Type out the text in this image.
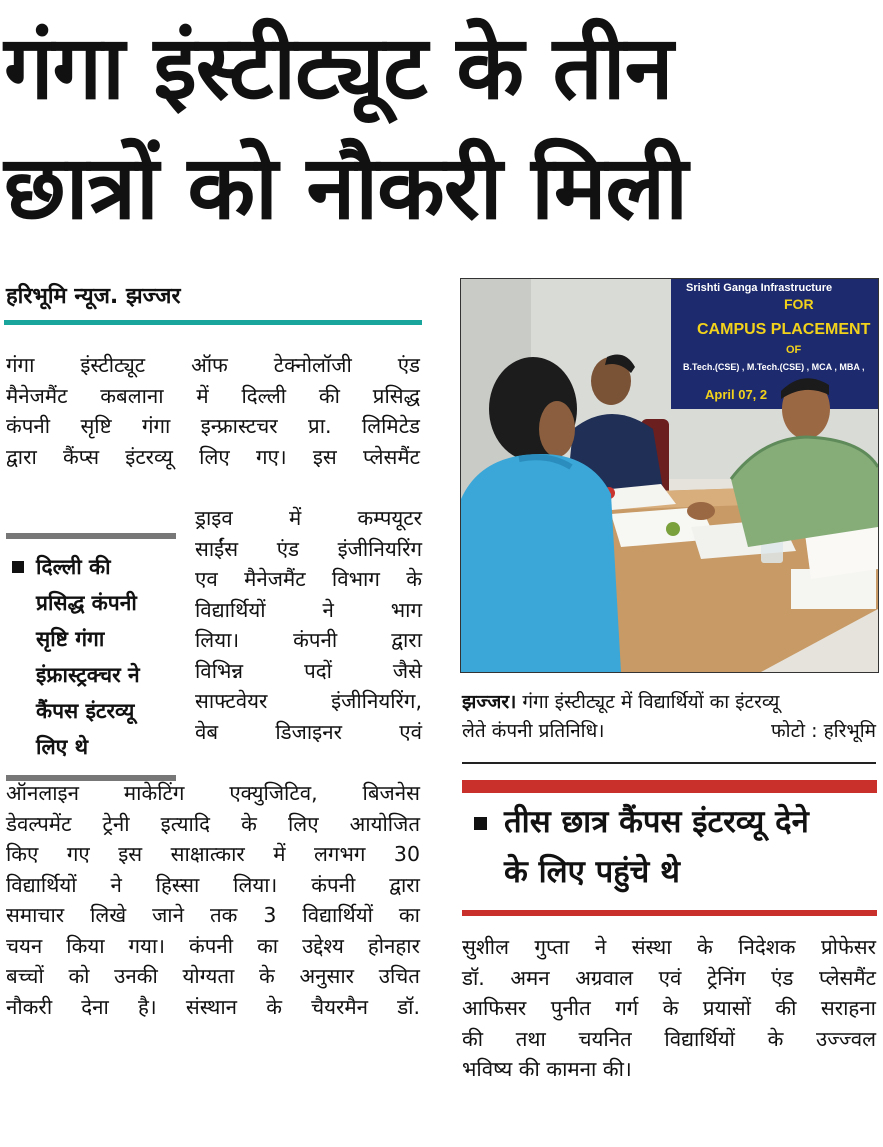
गंगा इंस्टीट्यूट के तीन
छात्रों को नौकरी मिली
हरिभूमि न्यूज. झज्जर
गंगा इंस्टीट्यूट ऑफ टेक्नोलॉजी एंड
मैनेजमैंट कबलाना में दिल्ली की प्रसिद्ध
कंपनी सृष्टि गंगा इन्फ्रास्टचर प्रा. लिमिटेड
द्वारा कैंप्स इंटरव्यू लिए गए। इस प्लेसमैंट
दिल्ली की
प्रसिद्ध कंपनी
सृष्टि गंगा
इंफ्रास्ट्रक्चर ने
कैंपस इंटरव्यू
लिए थे
ड्राइव में कम्पयूटर
साईंस एंड इंजीनियरिंग
एव मैनेजमैंट विभाग के
विद्यार्थियों ने भाग
लिया। कंपनी द्वारा
विभिन्न पदों जैसे
साफ्टवेयर इंजीनियरिंग,
वेब डिजाइनर एवं
ऑनलाइन माकेटिंग एक्युजिटिव, बिजनेस
डेवल्पमेंट ट्रेनी इत्यादि के लिए आयोजित
किए गए इस साक्षात्कार में लगभग 30
विद्यार्थियों ने हिस्सा लिया। कंपनी द्वारा
समाचार लिखे जाने तक 3 विद्यार्थियों का
चयन किया गया। कंपनी का उद्देश्य होनहार
बच्चों को उनकी योग्यता के अनुसार उचित
नौकरी देना है। संस्थान के चैयरमैन डॉ.
Srishti Ganga Infrastructure
FOR
CAMPUS PLACEMENT
OF
B.Tech.(CSE) , M.Tech.(CSE) , MCA , MBA ,
April 07, 2
झज्जर। गंगा इंस्टीट्यूट में विद्यार्थियों का इंटरव्यू
लेते कंपनी प्रतिनिधि।	फोटो : हरिभूमि
तीस छात्र कैंपस इंटरव्यू देने
के लिए पहुंचे थे
सुशील गुप्ता ने संस्था के निदेशक प्रोफेसर
डॉ. अमन अग्रवाल एवं ट्रेनिंग एंड प्लेसमैंट
आफिसर पुनीत गर्ग के प्रयासों की सराहना
की तथा चयनित विद्यार्थियों के उज्ज्वल
भविष्य की कामना की।
